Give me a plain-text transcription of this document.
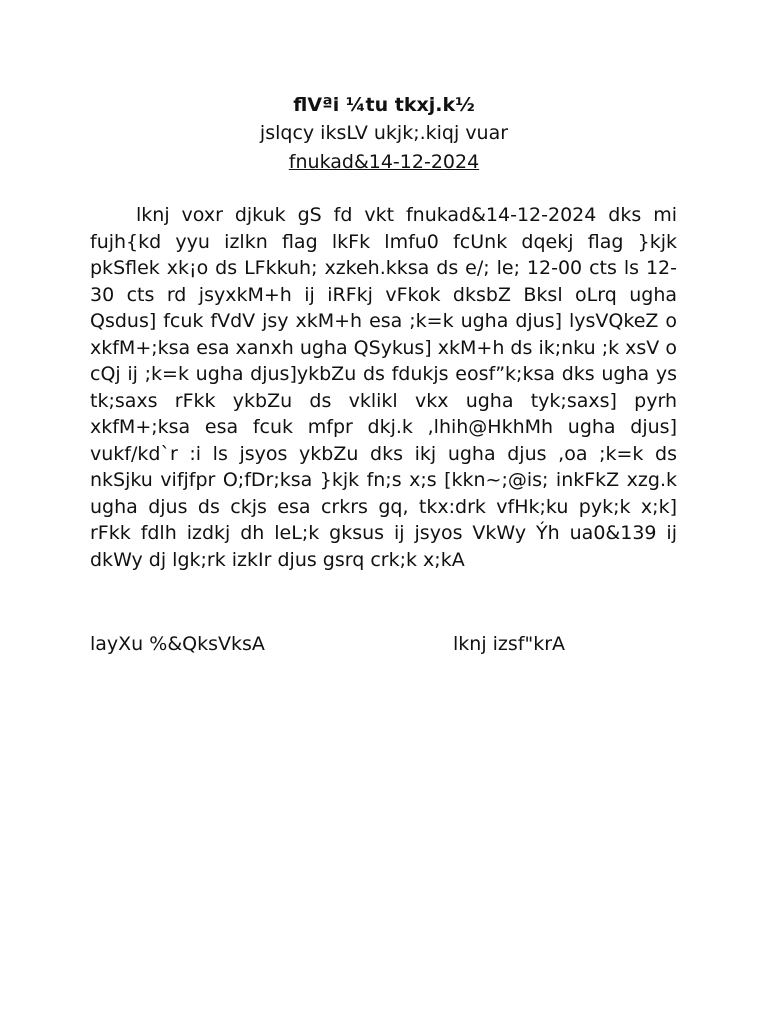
flVªi ¼tu tkxj.k½
jslqcy iksLV ukjk;.kiqj vuar
fnukad&14-12-2024

lknj voxr djkuk gS fd vkt fnukad&14-12-2024 dks mi fujh{kd yyu izlkn flag lkFk lmfu0 fcUnk dqekj flag }kjk pkSflek xk¡o ds LFkkuh; xzkeh.kksa ds e/; le; 12-00 cts ls 12-30 cts rd jsyxkM+h ij iRFkj vFkok dksbZ Bksl oLrq ugha Qsdus] fcuk fVdV jsy xkM+h esa ;k=k ugha djus] lysVQkeZ o xkfM+;ksa esa xanxh ugha QSykus] xkM+h ds ik;nku ;k xsV o cQj ij ;k=k ugha djus]ykbZu ds fdukjs eosf”k;ksa dks ugha ys tk;saxs rFkk ykbZu ds vklikl vkx ugha tyk;saxs] pyrh xkfM+;ksa esa fcuk mfpr dkj.k ,lhih@HkhMh ugha djus] vukf/kd`r :i ls jsyos ykbZu dks ikj ugha djus ,oa ;k=k ds nkSjku vifjfpr O;fDr;ksa }kjk fn;s x;s [kkn~;@is; inkFkZ xzg.k ugha djus ds ckjs esa crkrs gq, tkx:drk vfHk;ku pyk;k x;k] rFkk fdlh izdkj dh leL;k gksus ij jsyos VkWy Ýh ua0&139 ij dkWy dj lgk;rk izkIr djus gsrq crk;k x;kA

layXu %&QksVksA	lknj izsf"krA
